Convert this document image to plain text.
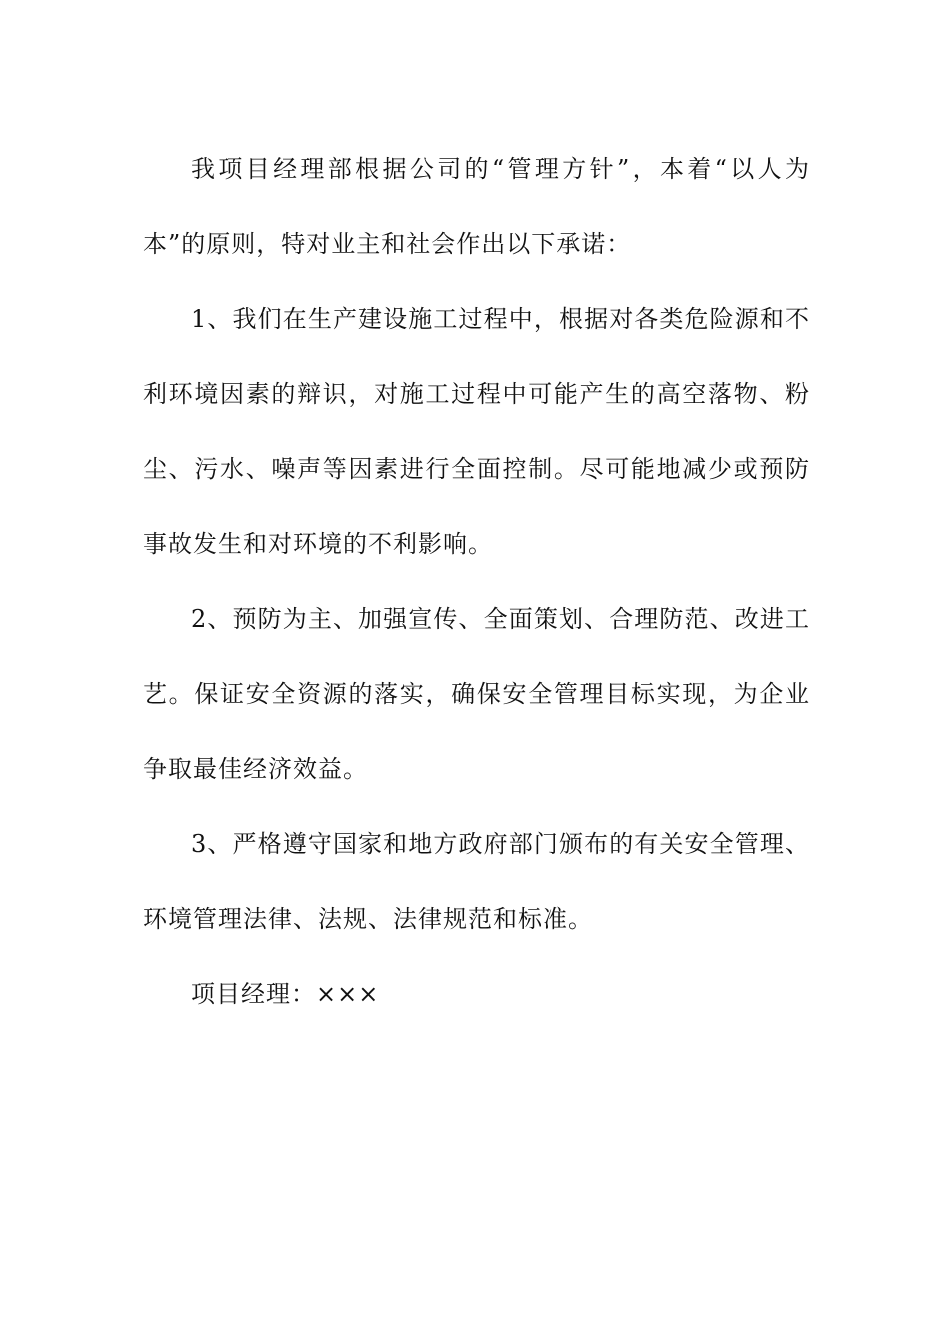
我项目经理部根据公司的“管理方针”，本着“以人为本”的原则，特对业主和社会作出以下承诺：

1、我们在生产建设施工过程中，根据对各类危险源和不利环境因素的辩识，对施工过程中可能产生的高空落物、粉尘、污水、噪声等因素进行全面控制。尽可能地减少或预防事故发生和对环境的不利影响。

2、预防为主、加强宣传、全面策划、合理防范、改进工艺。保证安全资源的落实，确保安全管理目标实现，为企业争取最佳经济效益。

3、严格遵守国家和地方政府部门颁布的有关安全管理、环境管理法律、法规、法律规范和标准。

项目经理：×××
